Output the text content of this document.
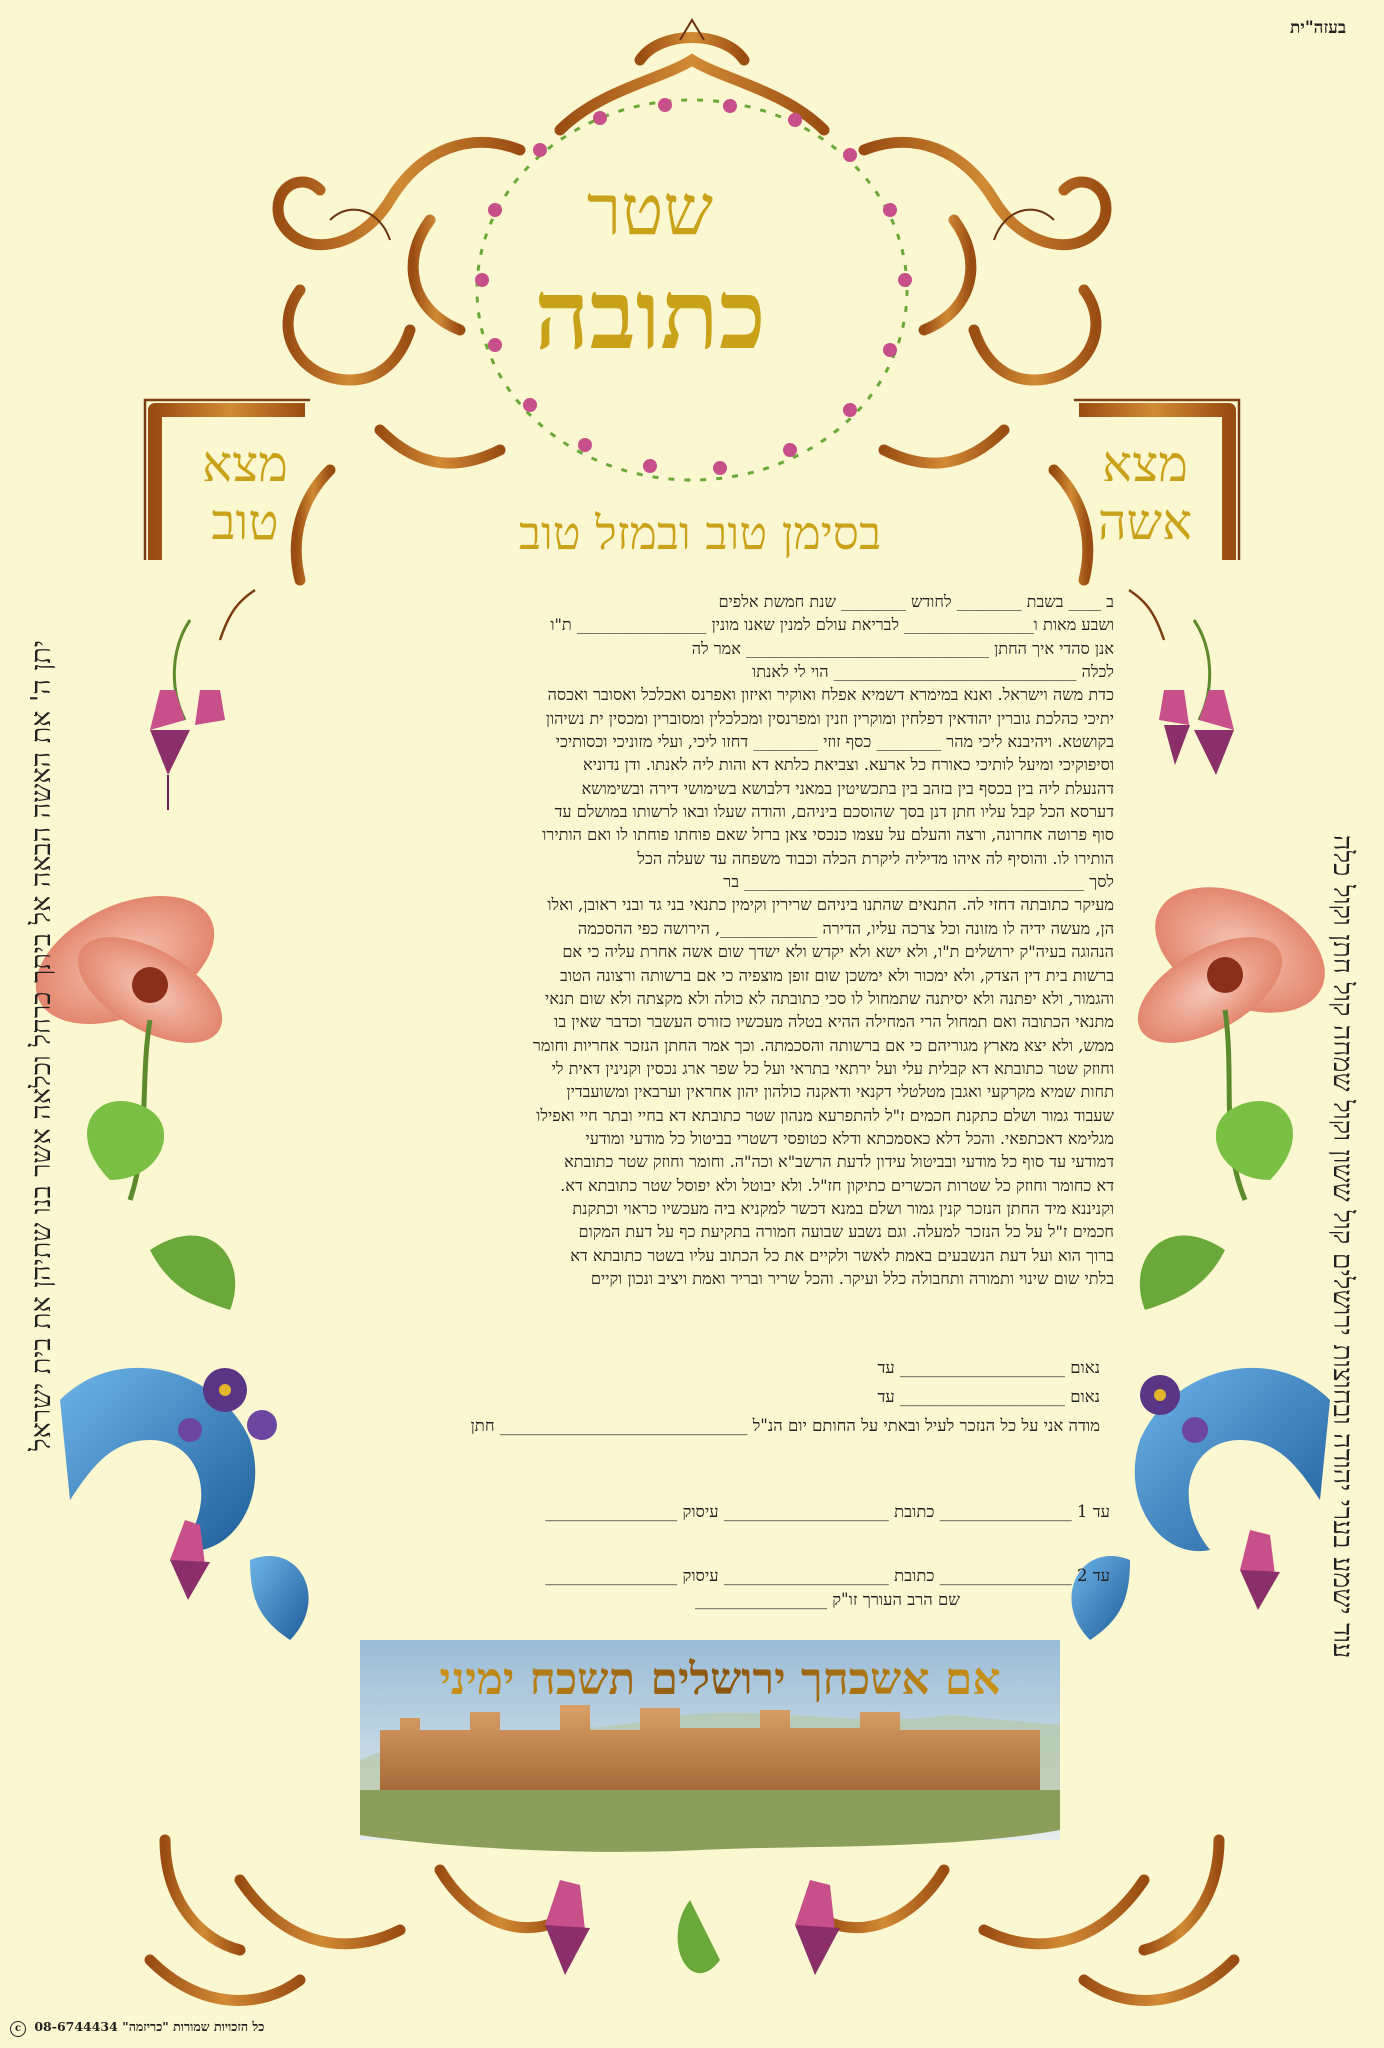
בעזה"ית
שטר
כתובה
מצא טוב
מצא אשה
בסימן טוב ובמזל טוב
עוד ישמע בערי יהודה ובחוצות ירושלים קול ששון וקול שמחה קול חתן וקול כלה
יתן ה' את האשה הבאה אל ביתך כרחל וכלאה אשר בנו שתיהן את בית ישראל

ב ____ בשבת ________ לחודש ________ שנת חמשת אלפים

ושבע מאות ו________________ לבריאת עולם למנין שאנו מונין ________________ ת"ו

אנן סהדי איך החתן ______________________________ אמר לה

לכלה ______________________________ הוי לי לאנתו

כדת משה וישראל. ואנא במימרא דשמיא אפלח ואוקיר ואיזון ואפרנס ואכלכל ואסובר ואכסה

יתיכי כהלכת גוברין יהודאין דפלחין ומוקרין וזנין ומפרנסין ומכלכלין ומסוברין ומכסין ית נשיהון

בקושטא. ויהיבנא ליכי מהר ________ כסף זוזי ________ דחזו ליכי, ועלי מזוניכי וכסותיכי

וסיפוקיכי ומיעל לותיכי כאורח כל ארעא. וצביאת כלתא דא והות ליה לאנתו. ודן נדוניא

דהנעלת ליה בין בכסף בין בזהב בין בתכשיטין במאני דלבושא בשימושי דירה ובשימושא

דערסא הכל קבל עליו חתן דנן בסך שהוסכם ביניהם, והודה שעלו ובאו לרשותו במושלם עד

סוף פרוטה אחרונה, ורצה והעלם על עצמו כנכסי צאן ברזל שאם פוחתו פוחתו לו ואם הותירו

הותירו לו. והוסיף לה איהו מדיליה ליקרת הכלה וכבוד משפחה עד שעלה הכל

לסך __________________________________________ בר

מעיקר כתובתה דחזי לה. התנאים שהתנו ביניהם שרירין וקימין כתנאי בני גד ובני ראובן, ואלו

הן, מעשה ידיה לו מזונה וכל צרכה עליו, הדירה ____________, הירושה כפי ההסכמה

הנהוגה בעיה"ק ירושלים ת"ו, ולא ישא ולא יקדש ולא ישדך שום אשה אחרת עליה כי אם

ברשות בית דין הצדק, ולא ימכור ולא ימשכן שום זופן מוצפיה כי אם ברשותה ורצונה הטוב

והגמור, ולא יפתנה ולא יסיתנה שתמחול לו סכי כתובתה לא כולה ולא מקצתה ולא שום תנאי

מתנאי הכתובה ואם תמחול הרי המחילה ההיא בטלה מעכשיו כזורס העשבר וכדבר שאין בו

ממש, ולא יצא מארץ מגוריהם כי אם ברשותה והסכמתה. וכך אמר החתן הנזכר אחריות וחומר

וחוזק שטר כתובתא דא קבלית עלי ועל ירתאי בתראי ועל כל שפר ארג נכסין וקנינין דאית לי

תחות שמיא מקרקעי ואגבן מטלטלי דקנאי ודאקנה כולהון יהון אחראין וערבאין ומשועבדין

שעבוד גמור ושלם כתקנת חכמים ז"ל להתפרעא מנהון שטר כתובתא דא בחיי ובתר חיי ואפילו

מגלימא דאכתפאי. והכל דלא כאסמכתא ודלא כטופסי דשטרי בביטול כל מודעי ומודעי

דמודעי עד סוף כל מודעי ובביטול עידון לדעת הרשב"א וכה"ה. וחומר וחוזק שטר כתובתא

דא כחומר וחוזק כל שטרות הכשרים כתיקון חז"ל. ולא יבוטל ולא יפוסל שטר כתובתא דא.

וקניננא מיד החתן הנזכר קנין גמור ושלם במנא דכשר למקניא ביה מעכשיו כראוי וכתקנת

חכמים ז"ל על כל הנזכר למעלה. וגם נשבע שבועה חמורה בתקיעת כף על דעת המקום

ברוך הוא ועל דעת הנשבעים באמת לאשר ולקיים את כל הכתוב עליו בשטר כתובתא דא

בלתי שום שינוי ותמורה ותחבולה כלל ועיקר. והכל שריר ובריר ואמת ויציב ונכון וקיים

נאום ____________________ עד
נאום ____________________ עד
מודה אני על כל הנזכר לעיל ובאתי על החותם יום הנ"ל ______________________________ חתן
עד 1 ________________ כתובת ____________________ עיסוק ________________
עד 2 ________________ כתובת ____________________ עיסוק ________________
שם הרב העורך זו"ק ________________
אם אשכחך ירושלים תשכח ימיני
c כל הזכויות שמורות "כריזמה" 08-6744434
